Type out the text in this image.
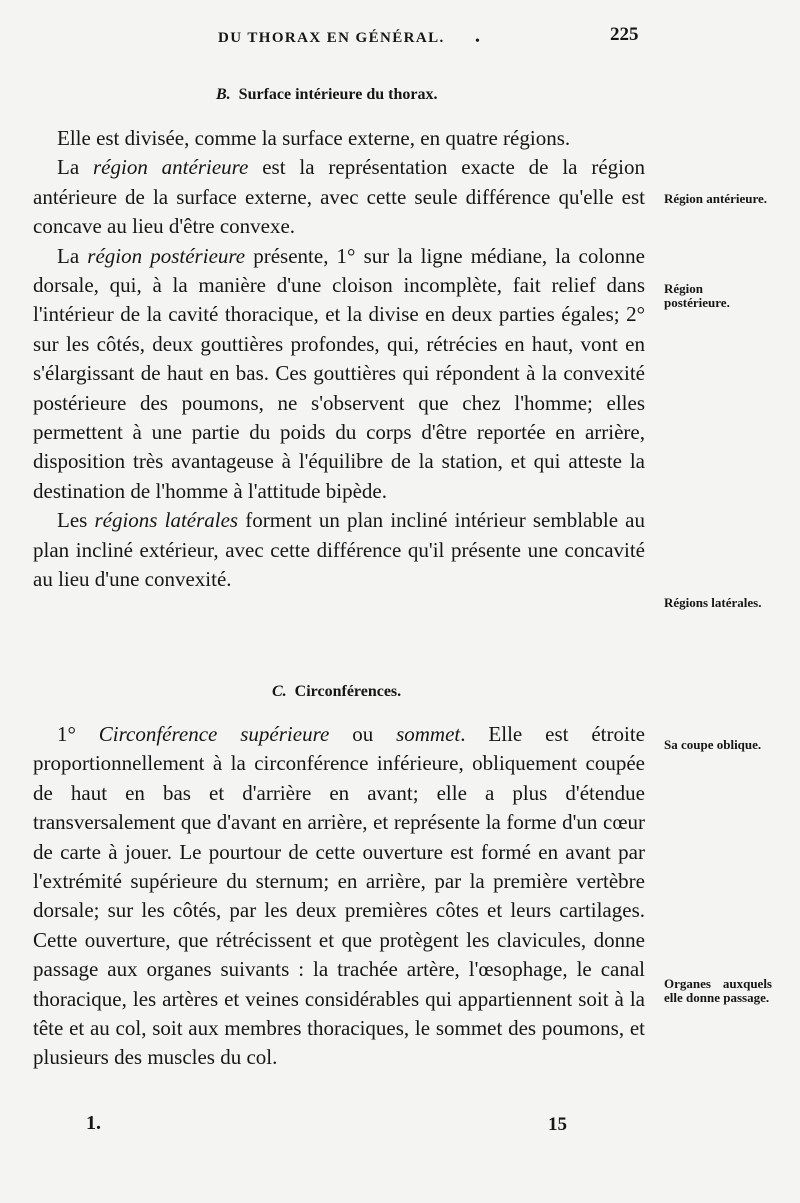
•
DU THORAX EN GÉNÉRAL.	225
B. Surface intérieure du thorax.

Elle est divisée, comme la surface externe, en quatre régions.

La région antérieure est la représentation exacte de la région antérieure de la surface externe, avec cette seule différence qu'elle est concave au lieu d'être convexe.

La région postérieure présente, 1° sur la ligne médiane, la colonne dorsale, qui, à la manière d'une cloison incomplète, fait relief dans l'intérieur de la cavité thoracique, et la divise en deux parties égales; 2° sur les côtés, deux gouttières profondes, qui, rétrécies en haut, vont en s'élargissant de haut en bas. Ces gouttières qui répondent à la convexité postérieure des poumons, ne s'observent que chez l'homme; elles permettent à une partie du poids du corps d'être reportée en arrière, disposition très avantageuse à l'équilibre de la station, et qui atteste la destination de l'homme à l'attitude bipède.

Les régions latérales forment un plan incliné intérieur semblable au plan incliné extérieur, avec cette différence qu'il présente une concavité au lieu d'une convexité.

C. Circonférences.

1° Circonférence supérieure ou sommet. Elle est étroite proportionnellement à la circonférence inférieure, obliquement coupée de haut en bas et d'arrière en avant; elle a plus d'étendue transversalement que d'avant en arrière, et représente la forme d'un cœur de carte à jouer. Le pourtour de cette ouverture est formé en avant par l'extrémité supérieure du sternum; en arrière, par la première vertèbre dorsale; sur les côtés, par les deux premières côtes et leurs cartilages. Cette ouverture, que rétrécissent et que protègent les clavicules, donne passage aux organes suivants : la trachée artère, l'œsophage, le canal thoracique, les artères et veines considérables qui appartiennent soit à la tête et au col, soit aux membres thoraciques, le sommet des poumons, et plusieurs des muscles du col.

Région antérieure.
Région postérieure.
Régions latérales.
Sa coupe oblique.
Organes auxquels elle donne passage.
1.	15
